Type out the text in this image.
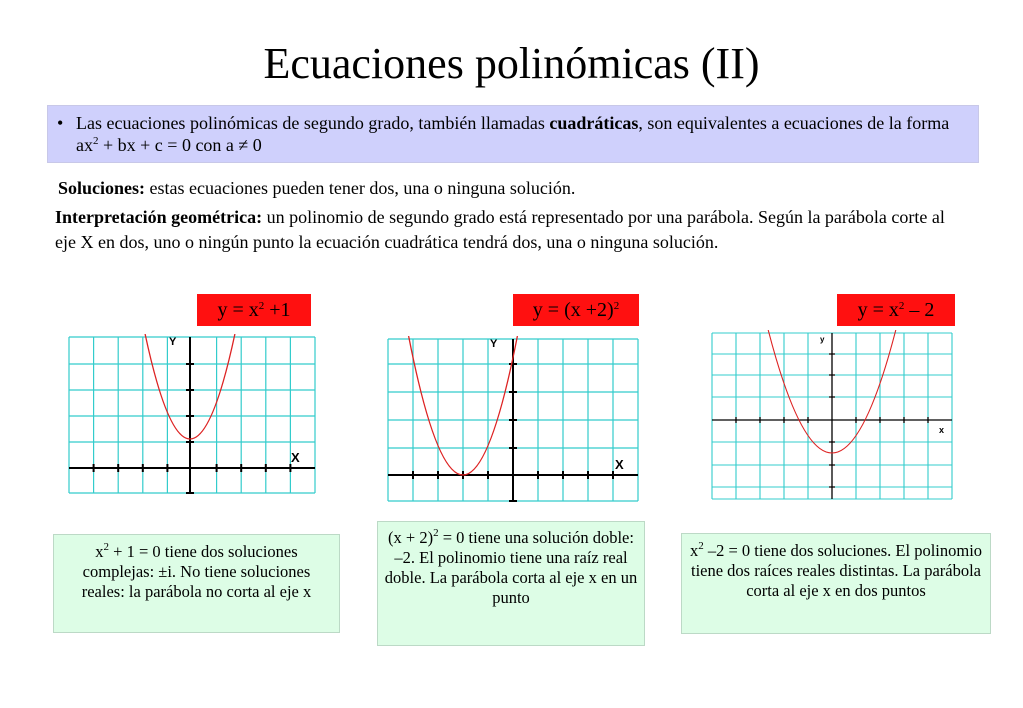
Ecuaciones polinómicas (II)
• Las ecuaciones polinómicas de segundo grado, también llamadas cuadráticas, son equivalentes a ecuaciones de la forma $ax^2$ + bx + c = 0 con a ≠ 0
Soluciones: estas ecuaciones pueden tener dos, una o ninguna solución.
Interpretación geométrica: un polinomio de segundo grado está representado por una parábola. Según la parábola corte al eje X en dos, uno o ningún punto la ecuación cuadrática tendrá dos, una o ninguna solución.
$y = x^2 +1$	$y = (x +2)^2$	$y = x^2 - 2$
Y
X
Y
X
y
x
$x^2 + 1 = 0$ tiene dos soluciones complejas: ±i. No tiene soluciones reales: la parábola no corta al eje x
$(x + 2)^2 = 0$ tiene una solución doble: –2. El polinomio tiene una raíz real doble. La parábola corta al eje x en un punto
$x^2$ –2 = 0 tiene dos soluciones. El polinomio tiene dos raíces reales distintas. La parábola corta al eje x en dos puntos
